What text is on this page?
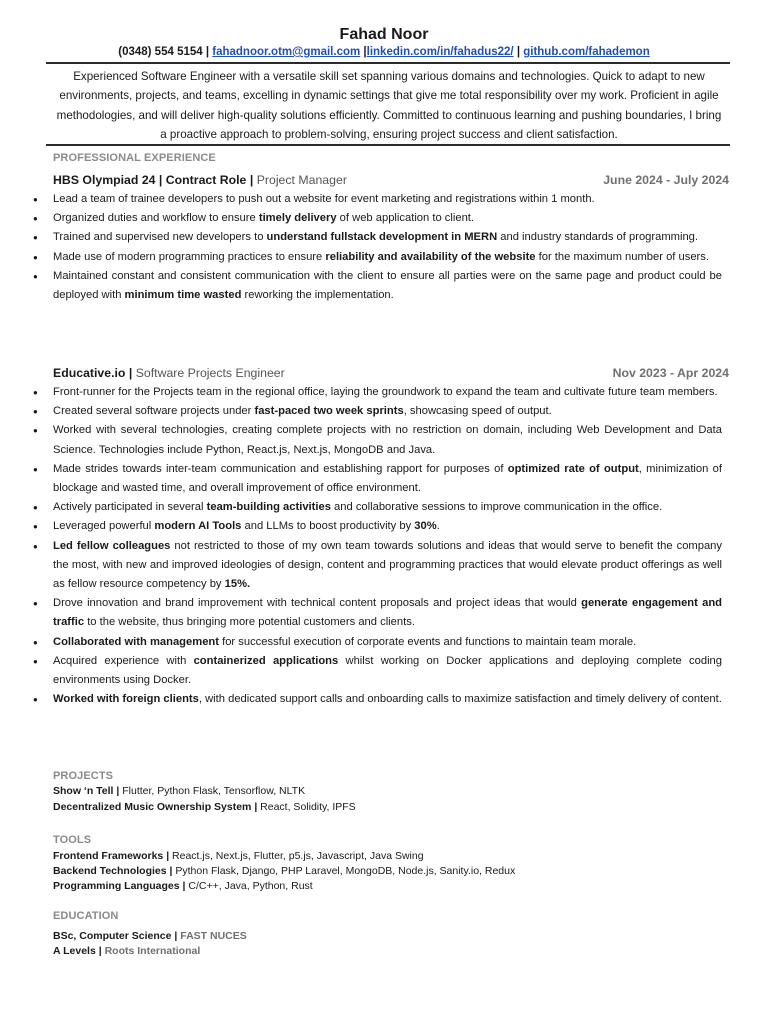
Fahad Noor
(0348) 554 5154 | fahadnoor.otm@gmail.com |linkedin.com/in/fahadus22/ | github.com/fahademon
Experienced Software Engineer with a versatile skill set spanning various domains and technologies. Quick to adapt to new environments, projects, and teams, excelling in dynamic settings that give me total responsibility over my work. Proficient in agile methodologies, and will deliver high-quality solutions efficiently. Committed to continuous learning and pushing boundaries, I bring a proactive approach to problem-solving, ensuring project success and client satisfaction.
PROFESSIONAL EXPERIENCE
HBS Olympiad 24 | Contract Role | Project Manager	June 2024 - July 2024
● Lead a team of trainee developers to push out a website for event marketing and registrations within 1 month.
● Organized duties and workflow to ensure timely delivery of web application to client.
● Trained and supervised new developers to understand fullstack development in MERN and industry standards of programming.
● Made use of modern programming practices to ensure reliability and availability of the website for the maximum number of users.
● Maintained constant and consistent communication with the client to ensure all parties were on the same page and product could be deployed with minimum time wasted reworking the implementation.
Educative.io | Software Projects Engineer	Nov 2023 - Apr 2024
● Front-runner for the Projects team in the regional office, laying the groundwork to expand the team and cultivate future team members.
● Created several software projects under fast-paced two week sprints, showcasing speed of output.
● Worked with several technologies, creating complete projects with no restriction on domain, including Web Development and Data Science. Technologies include Python, React.js, Next.js, MongoDB and Java.
● Made strides towards inter-team communication and establishing rapport for purposes of optimized rate of output, minimization of blockage and wasted time, and overall improvement of office environment.
● Actively participated in several team-building activities and collaborative sessions to improve communication in the office.
● Leveraged powerful modern AI Tools and LLMs to boost productivity by 30%.
● Led fellow colleagues not restricted to those of my own team towards solutions and ideas that would serve to benefit the company the most, with new and improved ideologies of design, content and programming practices that would elevate product offerings as well as fellow resource competency by 15%.
● Drove innovation and brand improvement with technical content proposals and project ideas that would generate engagement and traffic to the website, thus bringing more potential customers and clients.
● Collaborated with management for successful execution of corporate events and functions to maintain team morale.
● Acquired experience with containerized applications whilst working on Docker applications and deploying complete coding environments using Docker.
● Worked with foreign clients, with dedicated support calls and onboarding calls to maximize satisfaction and timely delivery of content.
PROJECTS
Show ‘n Tell | Flutter, Python Flask, Tensorflow, NLTK
Decentralized Music Ownership System | React, Solidity, IPFS
TOOLS
Frontend Frameworks | React.js, Next.js, Flutter, p5.js, Javascript, Java Swing
Backend Technologies | Python Flask, Django, PHP Laravel, MongoDB, Node.js, Sanity.io, Redux
Programming Languages | C/C++, Java, Python, Rust
EDUCATION
BSc, Computer Science | FAST NUCES
A Levels | Roots International
